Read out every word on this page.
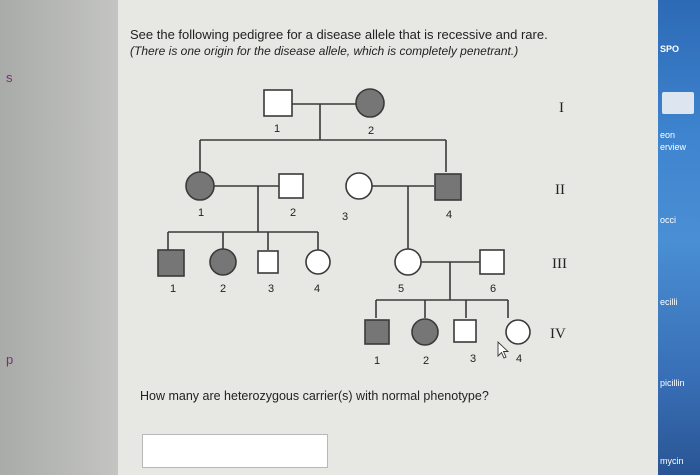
s
p
See the following pedigree for a disease allele that is recessive and rare.
(There is one origin for the disease allele, which is completely penetrant.)
1	2
1	2	3	4
1	2	3	4	5	6
1	2	3	4
I
II
III
IV
How many are heterozygous carrier(s) with normal phenotype?
SPO
eon
erview
occi
ecilli
picillin
mycin
